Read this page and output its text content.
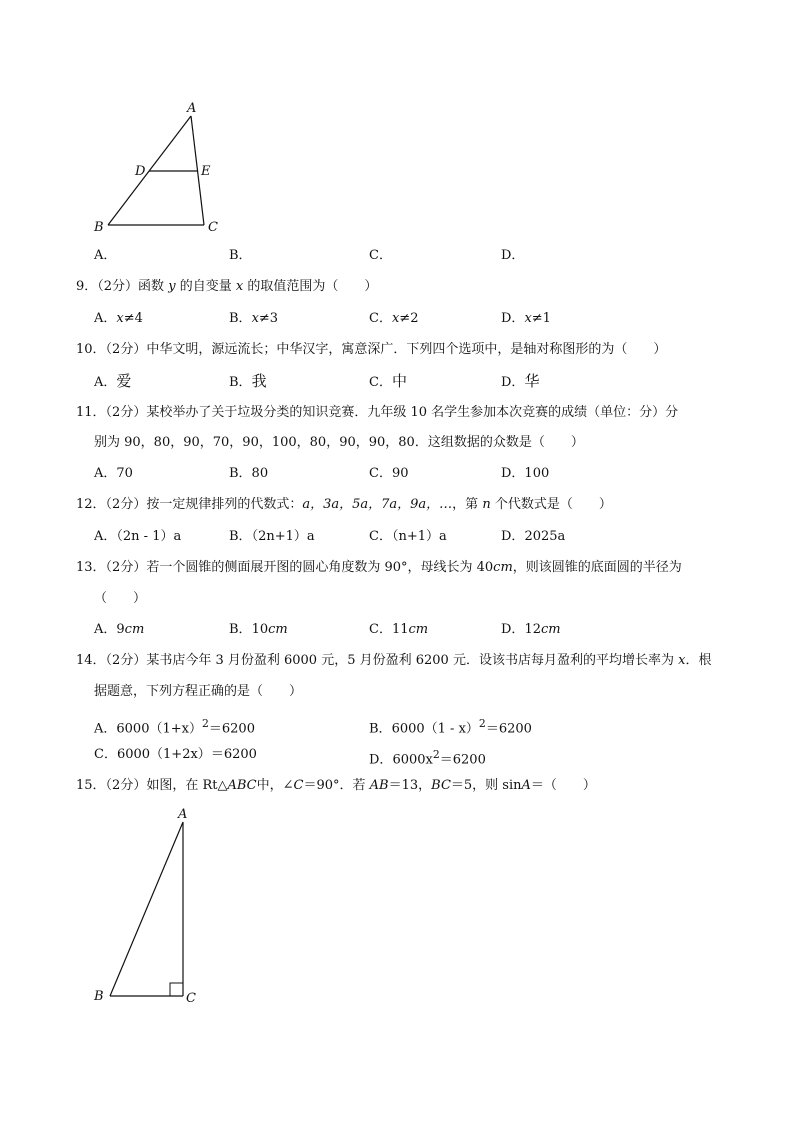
A
D	E
B	C
A．	B．	C．	D．
9．（2分）函数 y 的自变量 x 的取值范围为（　　）
A．x≠4	B．x≠3	C．x≠2	D．x≠1
10．（2分）中华文明，源远流长；中华汉字，寓意深广．下列四个选项中，是轴对称图形的为（　　）
A．爱	B．我	C．中	D．华
11．（2分）某校举办了关于垃圾分类的知识竞赛．九年级 10 名学生参加本次竞赛的成绩（单位：分）分
别为 90，80，90，70，90，100，80，90，90，80．这组数据的众数是（　　）
A．70	B．80	C．90	D．100
12．（2分）按一定规律排列的代数式：a，3a，5a，7a，9a，…，第 n 个代数式是（　　）
A．（2n - 1）a	B．（2n+1）a	C．（n+1）a	D．2025a
13．（2分）若一个圆锥的侧面展开图的圆心角度数为 90°，母线长为 40cm，则该圆锥的底面圆的半径为
（　　）
A．9cm	B．10cm	C．11cm	D．12cm
14．（2分）某书店今年 3 月份盈利 6000 元，5 月份盈利 6200 元．设该书店每月盈利的平均增长率为 x．根
据题意，下列方程正确的是（　　）
A．$6000(1+x)^2=6200$	B．6000（1 - x）$^2$＝6200
C．6000（1+2x）＝6200	D．$6000x^2=6200$
15．（2分）如图，在 Rt△ABC中，∠C＝90°．若 AB＝13，BC＝5，则 sinA＝（　　）
A
B	C
